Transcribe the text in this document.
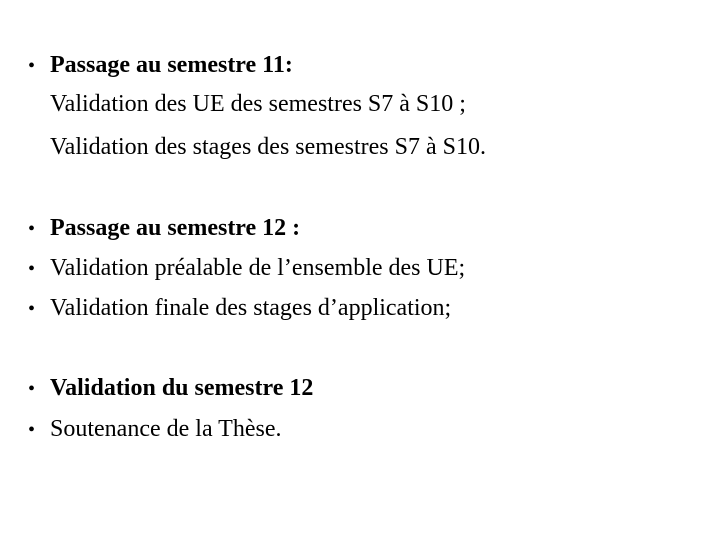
• Passage au semestre 11:
Validation des UE des semestres S7 à S10 ;
Validation des stages des semestres S7 à S10.
• Passage au semestre 12 :
• Validation préalable de l’ensemble des UE;
• Validation finale des stages d’application;
• Validation du semestre 12
• Soutenance de la Thèse.
